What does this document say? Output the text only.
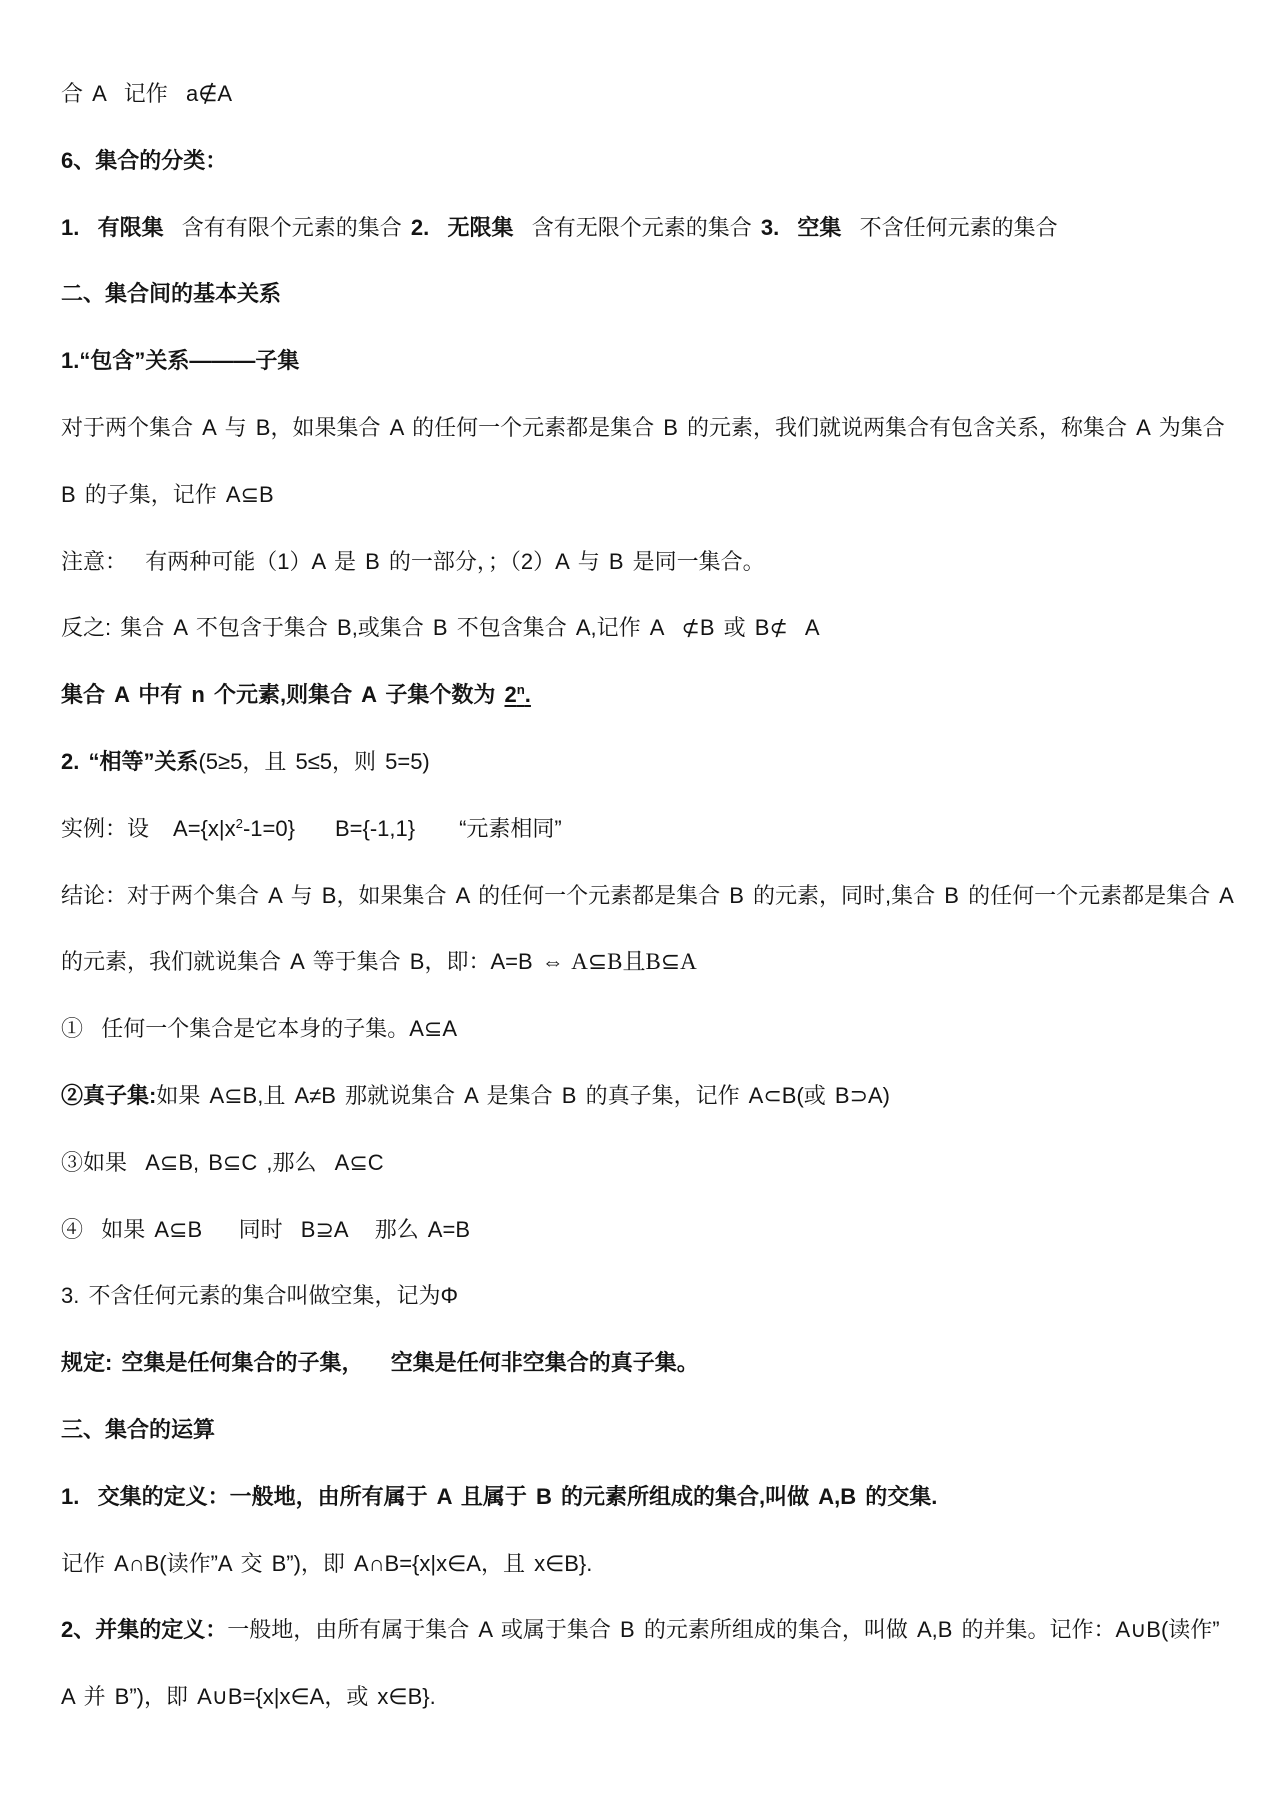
合 A  记作  a∉A
6、集合的分类：
1.  有限集  含有有限个元素的集合 2.  无限集  含有无限个元素的集合 3.  空集  不含任何元素的集合
二、集合间的基本关系
1.“包含”关系———子集
对于两个集合 A 与 B，如果集合 A 的任何一个元素都是集合 B 的元素，我们就说两集合有包含关系，称集合 A 为集合
B 的子集，记作 A⊆B
注意：  有两种可能（1）A 是 B 的一部分，；（2）A 与 B 是同一集合。
反之: 集合 A 不包含于集合 B,或集合 B 不包含集合 A,记作 A  ⊄B 或 B⊄  A
集合 A 中有 n 个元素,则集合 A 子集个数为 2$^n$.
2. “相等”关系(5≥5，且 5≤5，则 5=5)
实例：设 $A=\{x|x^2-1=0\}$ B={-1,1} “元素相同”
结论：对于两个集合 A 与 B，如果集合 A 的任何一个元素都是集合 B 的元素，同时,集合 B 的任何一个元素都是集合 A
的元素，我们就说集合 A 等于集合 B，即：A=B ⇔ A⊆B且B⊆A
①  任何一个集合是它本身的子集。A⊆A
②真子集:如果 A⊆B,且 A≠B 那就说集合 A 是集合 B 的真子集，记作 A⊂B(或 B⊃A)
③如果  A⊆B, B⊆C ,那么  A⊆C
④  如果 A⊆B    同时  B⊇A   那么 A=B
3. 不含任何元素的集合叫做空集，记为Φ
规定: 空集是任何集合的子集，   空集是任何非空集合的真子集。
三、集合的运算
1.  交集的定义：一般地，由所有属于 A 且属于 B 的元素所组成的集合,叫做 A,B 的交集.
记作 A∩B(读作”A 交 B”)，即 A∩B={x|x∈A，且 x∈B}.
2、并集的定义：一般地，由所有属于集合 A 或属于集合 B 的元素所组成的集合，叫做 A,B 的并集。记作：A∪B(读作”
A 并 B”)，即 A∪B={x|x∈A，或 x∈B}.
